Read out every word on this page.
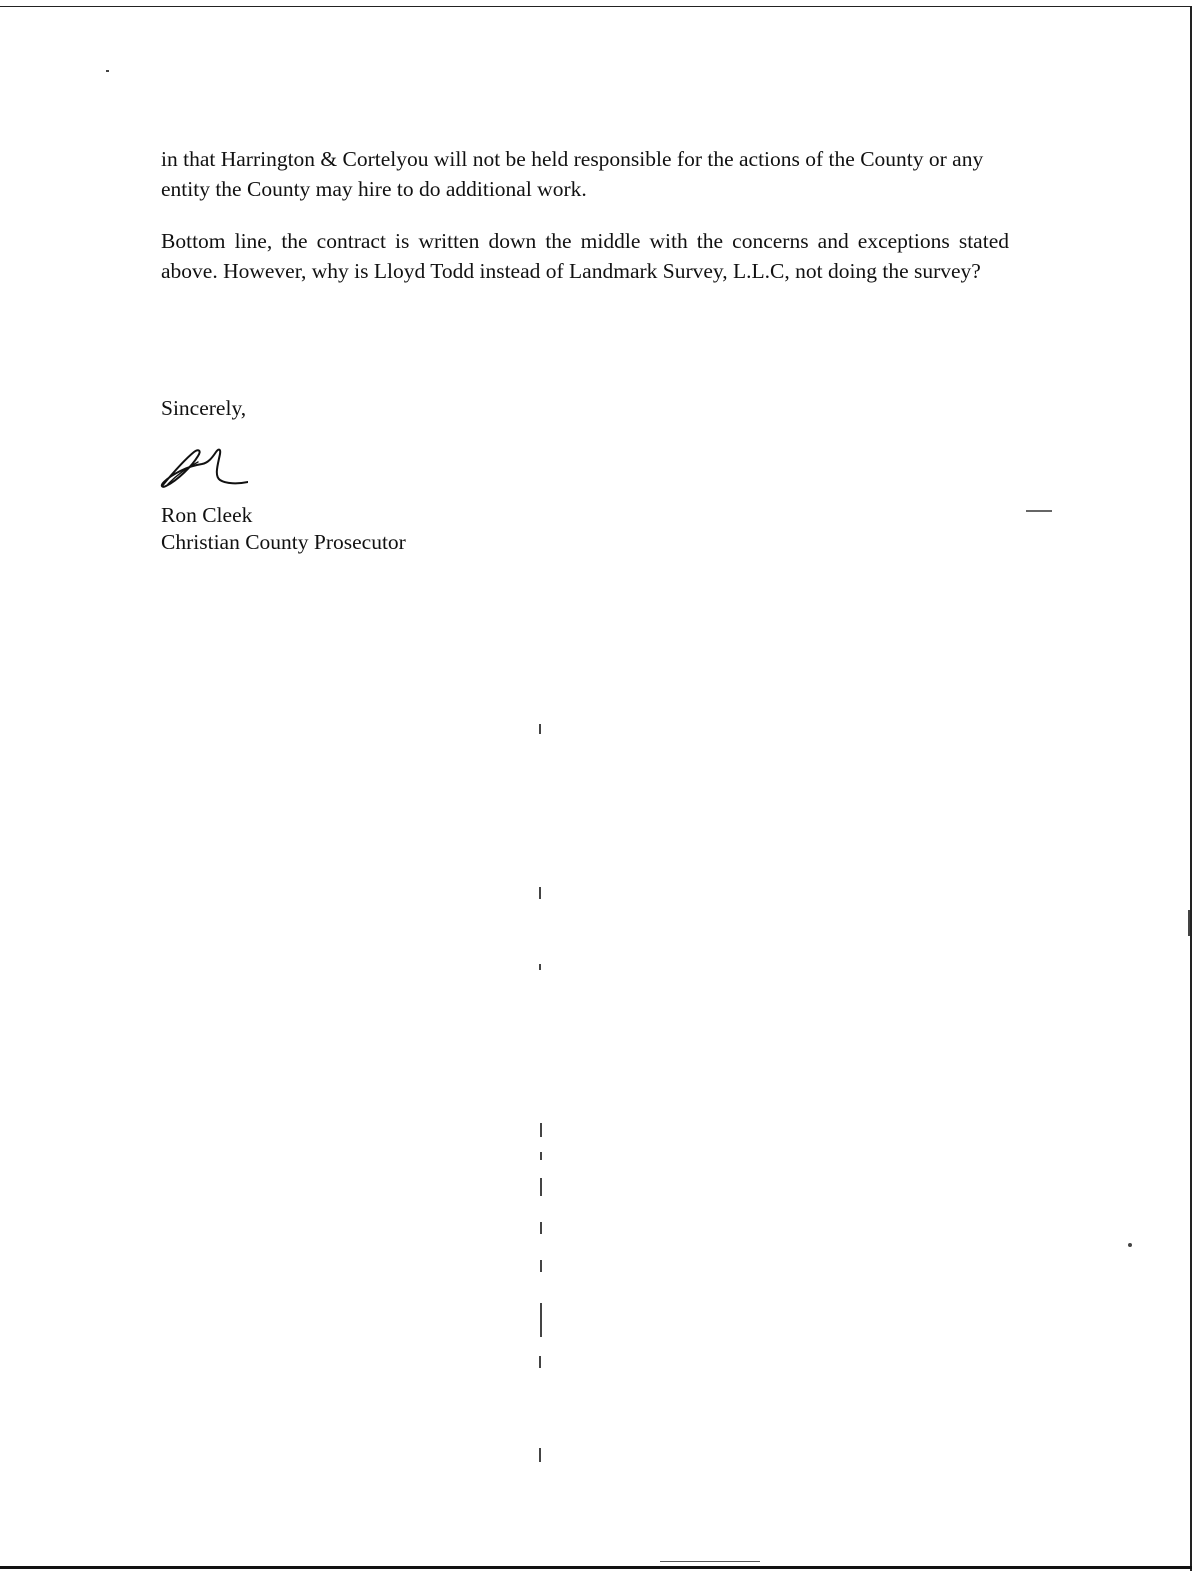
in that Harrington & Cortelyou will not be held responsible for the actions of the County or any entity the County may hire to do additional work.

Bottom line, the contract is written down the middle with the concerns and exceptions stated above. However, why is Lloyd Todd instead of Landmark Survey, L.L.C, not doing the survey?

Sincerely,
Ron Cleek
Christian County Prosecutor
